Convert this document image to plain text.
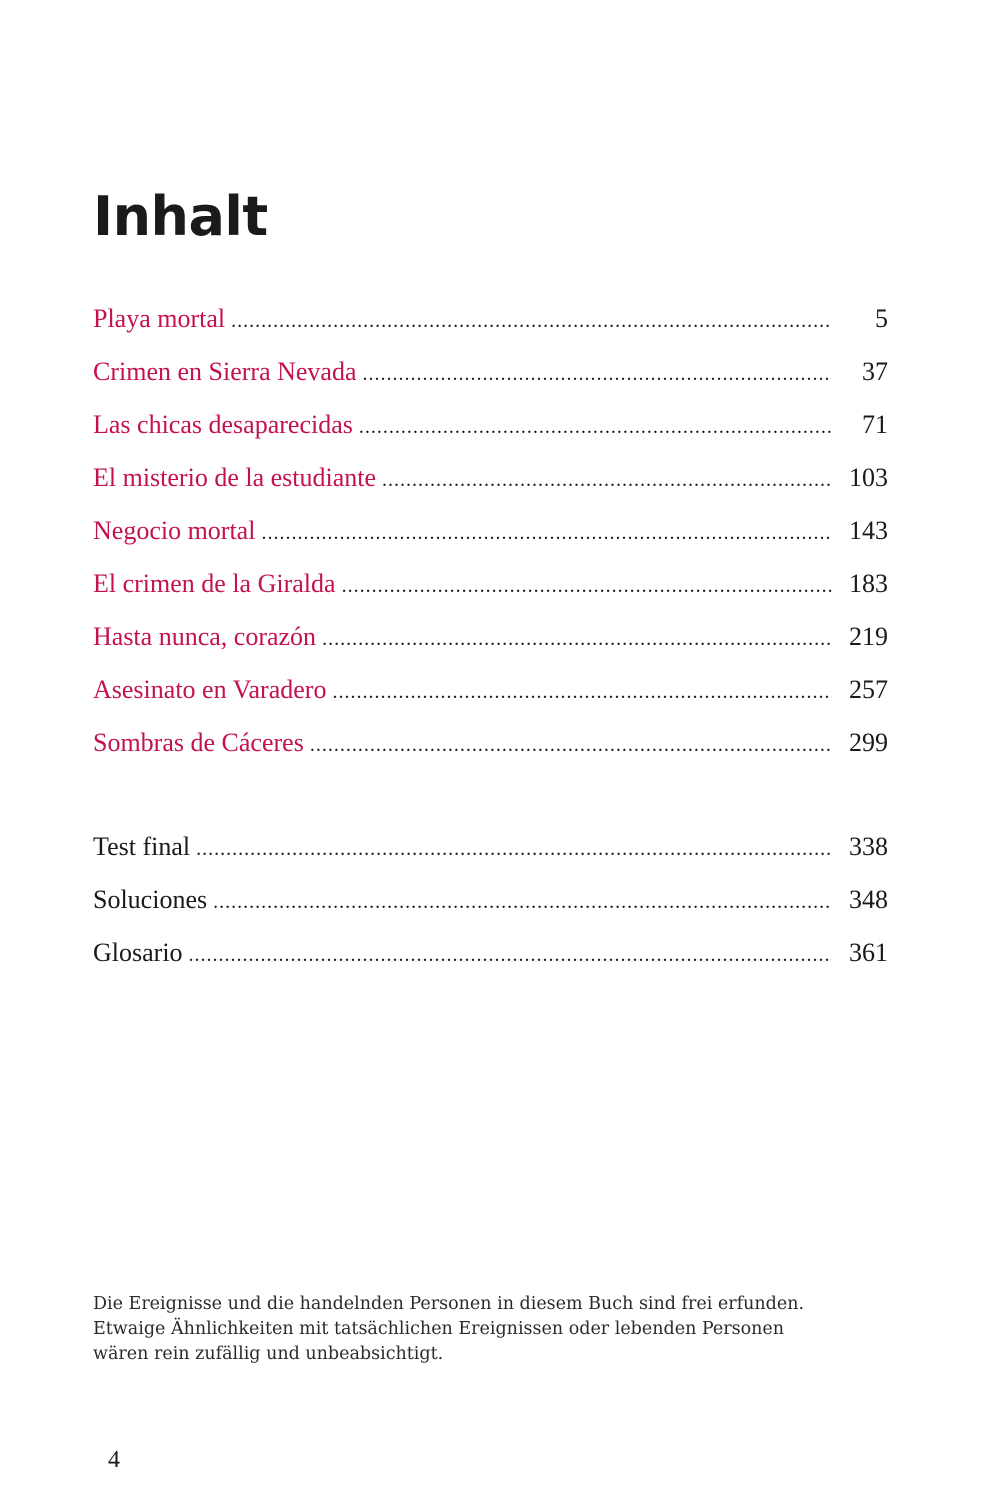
Inhalt
Playa mortal .....	5
Crimen en Sierra Nevada .....	37
Las chicas desaparecidas .....	71
El misterio de la estudiante .....	103
Negocio mortal .....	143
El crimen de la Giralda .....	183
Hasta nunca, corazón .....	219
Asesinato en Varadero .....	257
Sombras de Cáceres .....	299
Test final .....	338
Soluciones .....	348
Glosario .....	361

Die Ereignisse und die handelnden Personen in diesem Buch sind frei erfunden.
Etwaige Ähnlichkeiten mit tatsächlichen Ereignissen oder lebenden Personen
wären rein zufällig und unbeabsichtigt.

4
